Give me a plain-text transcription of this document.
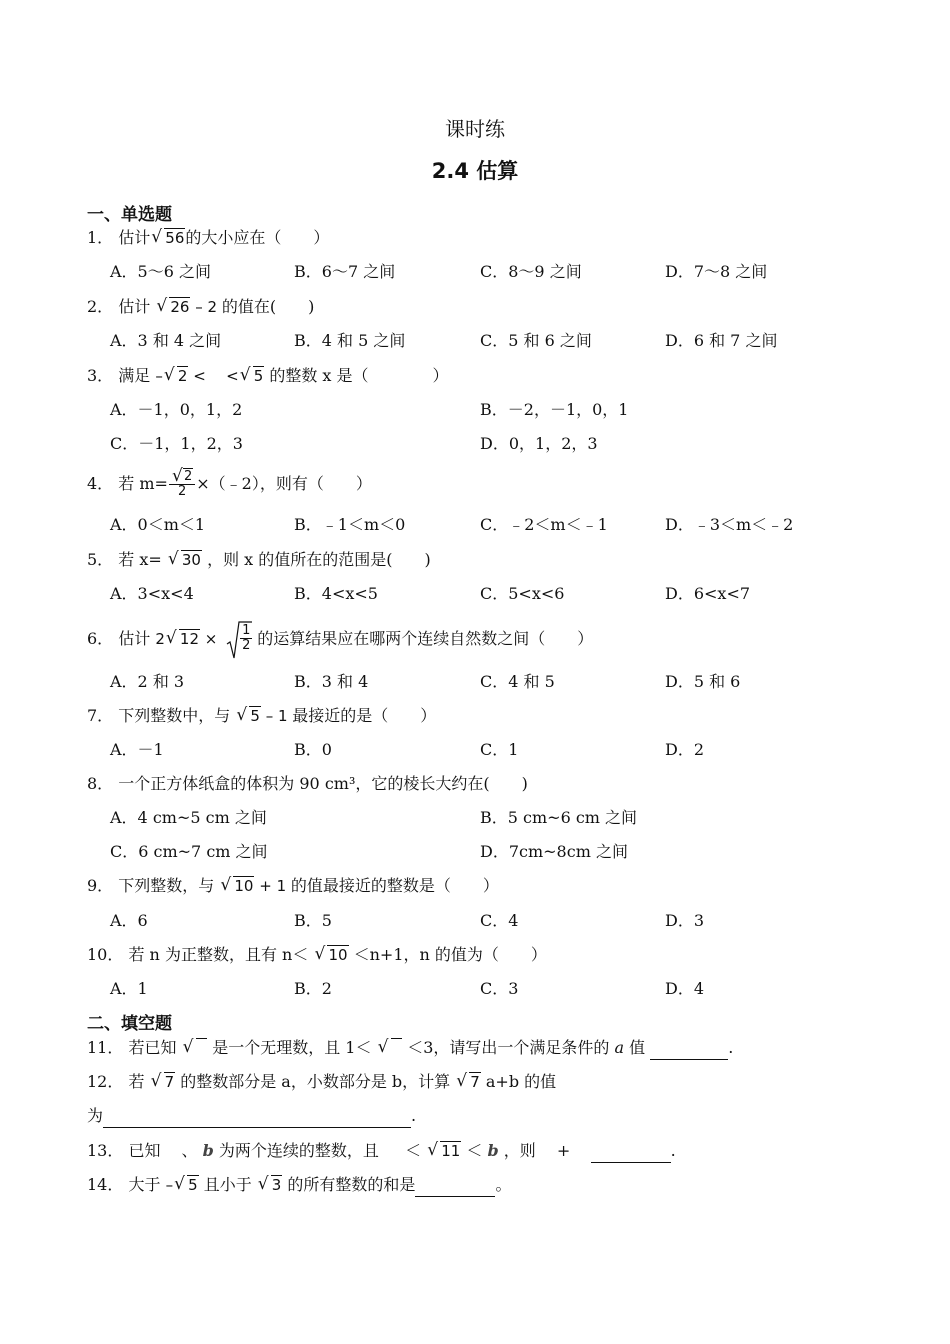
课时练
2.4 估算
一、单选题
1． 估计 √ 56的大小应在（　　）
A．5～6 之间	B．6～7 之间	C．8～9 之间	D．7～8 之间
2． 估计 √ 26 – 2 的值在(　　)
A．3 和 4 之间	B．4 和 5 之间	C．5 和 6 之间	D．6 和 7 之间
3． 满足 – √ 2 < < √ 5 的整数 x 是（　　　　）
A．－1，0，1，2	B．－2，－1，0，1
C．－1，1，2，3	D．0，1，2，3
4． 若 m= √ $\frac{2}{2}$ ×（﹣2），则有（　　）
A．0＜m＜1	B．﹣1＜m＜0	C．﹣2＜m＜﹣1	D．﹣3＜m＜﹣2
5． 若 x= √ 30 ，则 x 的值所在的范围是(　　)
A．3<x<4	B．4<x<5	C．5<x<6	D．6<x<7
6． 估计 2 √ $12 \times \frac{1}{2}$ 的运算结果应在哪两个连续自然数之间（　　）
A．2 和 3	B．3 和 4	C．4 和 5	D．5 和 6
7． 下列整数中，与 √ 5 – 1 最接近的是（　　）
A．－1	B．0	C．1	D．2
8． 一个正方体纸盒的体积为 90 cm³，它的棱长大约在(　　)
A．4 cm~5 cm 之间	B．5 cm~6 cm 之间
C．6 cm~7 cm 之间	D．7cm~8cm 之间
9． 下列整数，与 √ 10 + 1 的值最接近的整数是（　　）
A．6	B．5	C．4	D．3
10． 若 n 为正整数，且有 n＜ √ 10 ＜n+1，n 的值为（　　）
A．1	B．2	C．3	D．4
二、填空题
11． 若已知 √    是一个无理数，且 1＜ √    ＜3，请写出一个满足条件的 a 值	.
12． 若 √ 7 的整数部分是 a，小数部分是 b，计算 √ 7 a+b 的值
为	.
13． 已知　 、 b 为两个连续的整数，且 　 ＜ √ 11 ＜ b ，则 　+	.
14． 大于 – √ 5 且小于 √ 3 的所有整数的和是	。
